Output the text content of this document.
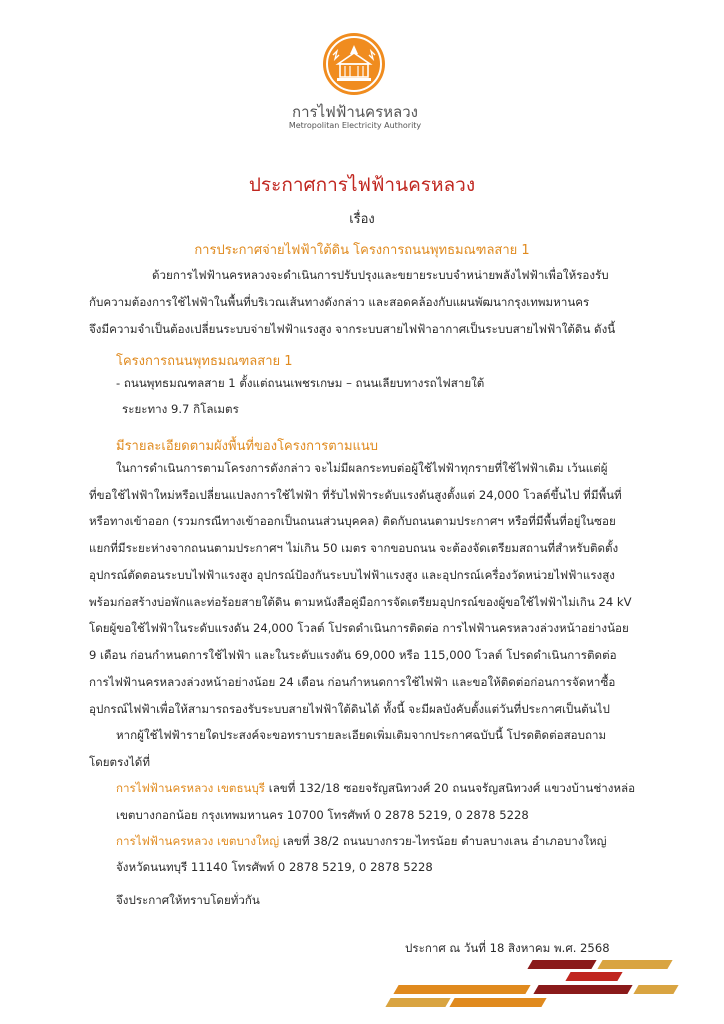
การไฟฟ้านครหลวง
Metropolitan Electricity Authority
ประกาศการไฟฟ้านครหลวง
เรื่อง
การประกาศจ่ายไฟฟ้าใต้ดิน โครงการถนนพุทธมณฑลสาย 1
ด้วยการไฟฟ้านครหลวงจะดำเนินการปรับปรุงและขยายระบบจำหน่ายพลังไฟฟ้าเพื่อให้รองรับ
กับความต้องการใช้ไฟฟ้าในพื้นที่บริเวณเส้นทางดังกล่าว และสอดคล้องกับแผนพัฒนากรุงเทพมหานคร
จึงมีความจำเป็นต้องเปลี่ยนระบบจ่ายไฟฟ้าแรงสูง จากระบบสายไฟฟ้าอากาศเป็นระบบสายไฟฟ้าใต้ดิน ดังนี้
โครงการถนนพุทธมณฑลสาย 1
- ถนนพุทธมณฑลสาย 1 ตั้งแต่ถนนเพชรเกษม – ถนนเลียบทางรถไฟสายใต้
ระยะทาง 9.7 กิโลเมตร
มีรายละเอียดตามผังพื้นที่ของโครงการตามแนบ
ในการดำเนินการตามโครงการดังกล่าว จะไม่มีผลกระทบต่อผู้ใช้ไฟฟ้าทุกรายที่ใช้ไฟฟ้าเดิม เว้นแต่ผู้
ที่ขอใช้ไฟฟ้าใหม่หรือเปลี่ยนแปลงการใช้ไฟฟ้า ที่รับไฟฟ้าระดับแรงดันสูงตั้งแต่ 24,000 โวลต์ขึ้นไป ที่มีพื้นที่
หรือทางเข้าออก (รวมกรณีทางเข้าออกเป็นถนนส่วนบุคคล) ติดกับถนนตามประกาศฯ หรือที่มีพื้นที่อยู่ในซอย
แยกที่มีระยะห่างจากถนนตามประกาศฯ ไม่เกิน 50 เมตร จากขอบถนน จะต้องจัดเตรียมสถานที่สำหรับติดตั้ง
อุปกรณ์ตัดตอนระบบไฟฟ้าแรงสูง อุปกรณ์ป้องกันระบบไฟฟ้าแรงสูง และอุปกรณ์เครื่องวัดหน่วยไฟฟ้าแรงสูง
พร้อมก่อสร้างบ่อพักและท่อร้อยสายใต้ดิน ตามหนังสือคู่มือการจัดเตรียมอุปกรณ์ของผู้ขอใช้ไฟฟ้าไม่เกิน 24 kV
โดยผู้ขอใช้ไฟฟ้าในระดับแรงดัน 24,000 โวลต์ โปรดดำเนินการติดต่อ การไฟฟ้านครหลวงล่วงหน้าอย่างน้อย
9 เดือน ก่อนกำหนดการใช้ไฟฟ้า และในระดับแรงดัน 69,000 หรือ 115,000 โวลต์ โปรดดำเนินการติดต่อ
การไฟฟ้านครหลวงล่วงหน้าอย่างน้อย 24 เดือน ก่อนกำหนดการใช้ไฟฟ้า และขอให้ติดต่อก่อนการจัดหาซื้อ
อุปกรณ์ไฟฟ้าเพื่อให้สามารถรองรับระบบสายไฟฟ้าใต้ดินได้ ทั้งนี้ จะมีผลบังคับตั้งแต่วันที่ประกาศเป็นต้นไป
หากผู้ใช้ไฟฟ้ารายใดประสงค์จะขอทราบรายละเอียดเพิ่มเติมจากประกาศฉบับนี้ โปรดติดต่อสอบถาม
โดยตรงได้ที่
การไฟฟ้านครหลวง เขตธนบุรี เลขที่ 132/18 ซอยจรัญสนิทวงศ์ 20 ถนนจรัญสนิทวงศ์ แขวงบ้านช่างหล่อ
เขตบางกอกน้อย กรุงเทพมหานคร 10700 โทรศัพท์ 0 2878 5219, 0 2878 5228
การไฟฟ้านครหลวง เขตบางใหญ่ เลขที่ 38/2 ถนนบางกรวย-ไทรน้อย ตำบลบางเลน อำเภอบางใหญ่
จังหวัดนนทบุรี 11140 โทรศัพท์ 0 2878 5219, 0 2878 5228
จึงประกาศให้ทราบโดยทั่วกัน
ประกาศ ณ วันที่ 18 สิงหาคม พ.ศ. 2568
